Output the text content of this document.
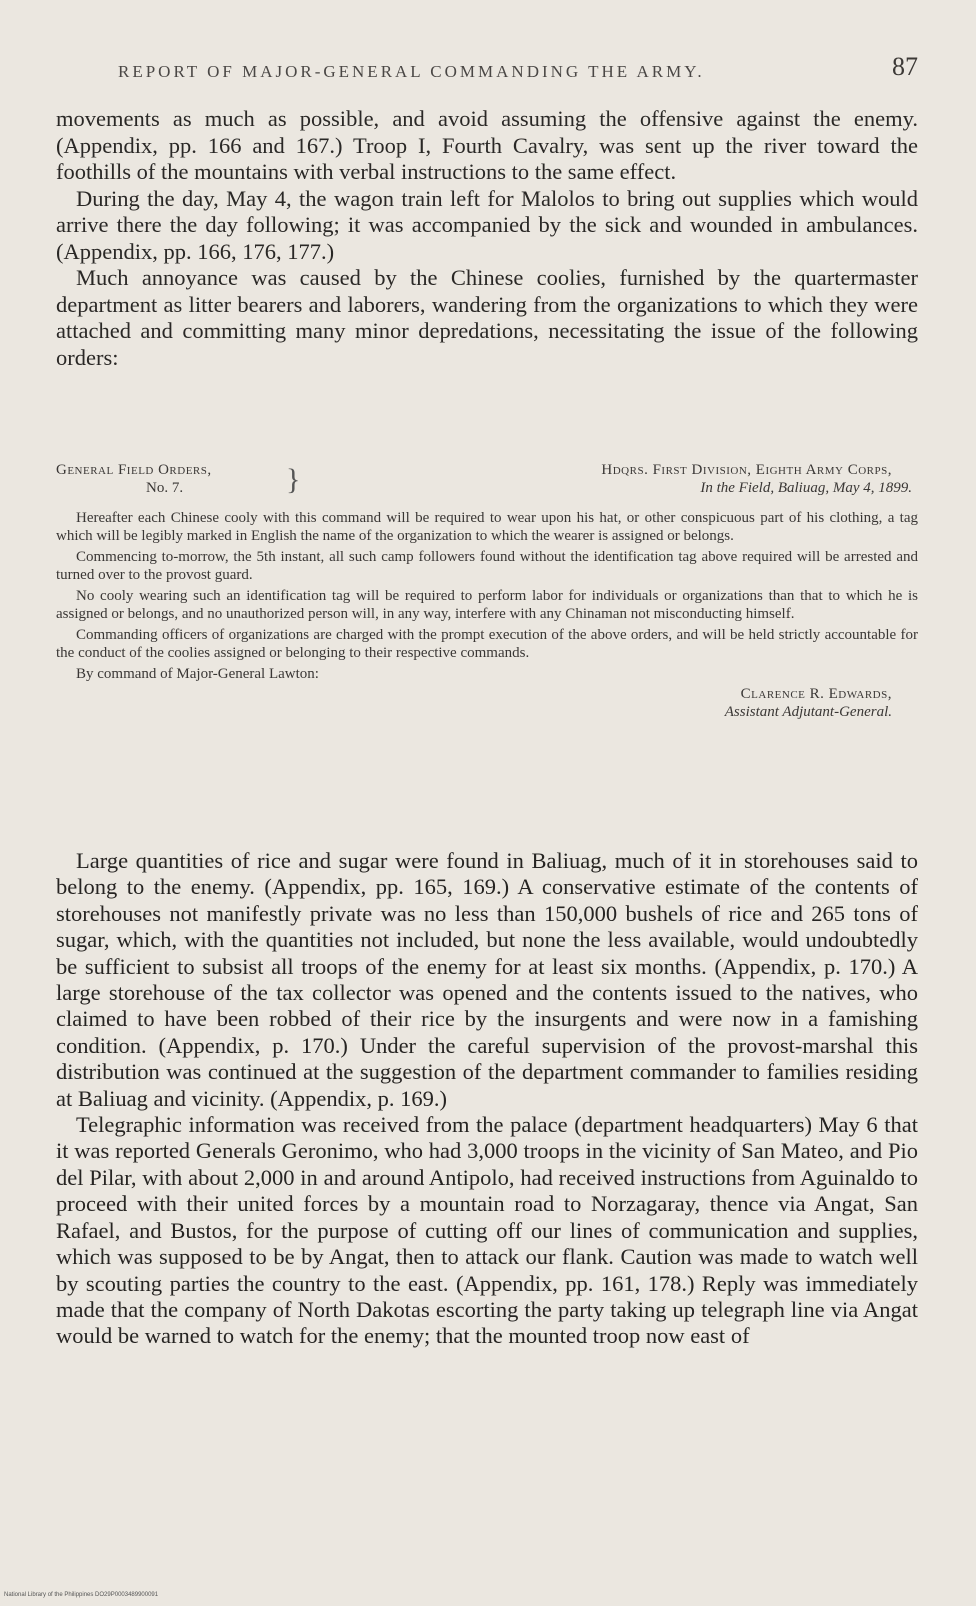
REPORT OF MAJOR-GENERAL COMMANDING THE ARMY.	87

movements as much as possible, and avoid assuming the offensive against the enemy. (Appendix, pp. 166 and 167.) Troop I, Fourth Cavalry, was sent up the river toward the foothills of the mountains with verbal instructions to the same effect.

During the day, May 4, the wagon train left for Malolos to bring out supplies which would arrive there the day following; it was accompanied by the sick and wounded in ambulances. (Appendix, pp. 166, 176, 177.)

Much annoyance was caused by the Chinese coolies, furnished by the quartermaster department as litter bearers and laborers, wandering from the organizations to which they were attached and committing many minor depredations, necessitating the issue of the following orders:

General Field Orders,
No. 7.	}	Hdqrs. First Division, Eighth Army Corps,
In the Field, Baliuag, May 4, 1899.

Hereafter each Chinese cooly with this command will be required to wear upon his hat, or other conspicuous part of his clothing, a tag which will be legibly marked in English the name of the organization to which the wearer is assigned or belongs.

Commencing to-morrow, the 5th instant, all such camp followers found without the identification tag above required will be arrested and turned over to the provost guard.

No cooly wearing such an identification tag will be required to perform labor for individuals or organizations than that to which he is assigned or belongs, and no unauthorized person will, in any way, interfere with any Chinaman not misconducting himself.

Commanding officers of organizations are charged with the prompt execution of the above orders, and will be held strictly accountable for the conduct of the coolies assigned or belonging to their respective commands.

By command of Major-General Lawton:
Clarence R. Edwards,
Assistant Adjutant-General.

Large quantities of rice and sugar were found in Baliuag, much of it in storehouses said to belong to the enemy. (Appendix, pp. 165, 169.) A conservative estimate of the contents of storehouses not manifestly private was no less than 150,000 bushels of rice and 265 tons of sugar, which, with the quantities not included, but none the less available, would undoubtedly be sufficient to subsist all troops of the enemy for at least six months. (Appendix, p. 170.) A large storehouse of the tax collector was opened and the contents issued to the natives, who claimed to have been robbed of their rice by the insurgents and were now in a famishing condition. (Appendix, p. 170.) Under the careful supervision of the provost-marshal this distribution was continued at the suggestion of the department commander to families residing at Baliuag and vicinity. (Appendix, p. 169.)

Telegraphic information was received from the palace (department headquarters) May 6 that it was reported Generals Geronimo, who had 3,000 troops in the vicinity of San Mateo, and Pio del Pilar, with about 2,000 in and around Antipolo, had received instructions from Aguinaldo to proceed with their united forces by a mountain road to Norzagaray, thence via Angat, San Rafael, and Bustos, for the purpose of cutting off our lines of communication and supplies, which was supposed to be by Angat, then to attack our flank. Caution was made to watch well by scouting parties the country to the east. (Appendix, pp. 161, 178.) Reply was immediately made that the company of North Dakotas escorting the party taking up telegraph line via Angat would be warned to watch for the enemy; that the mounted troop now east of

National Library of the Philippines DO29P0003489900091
